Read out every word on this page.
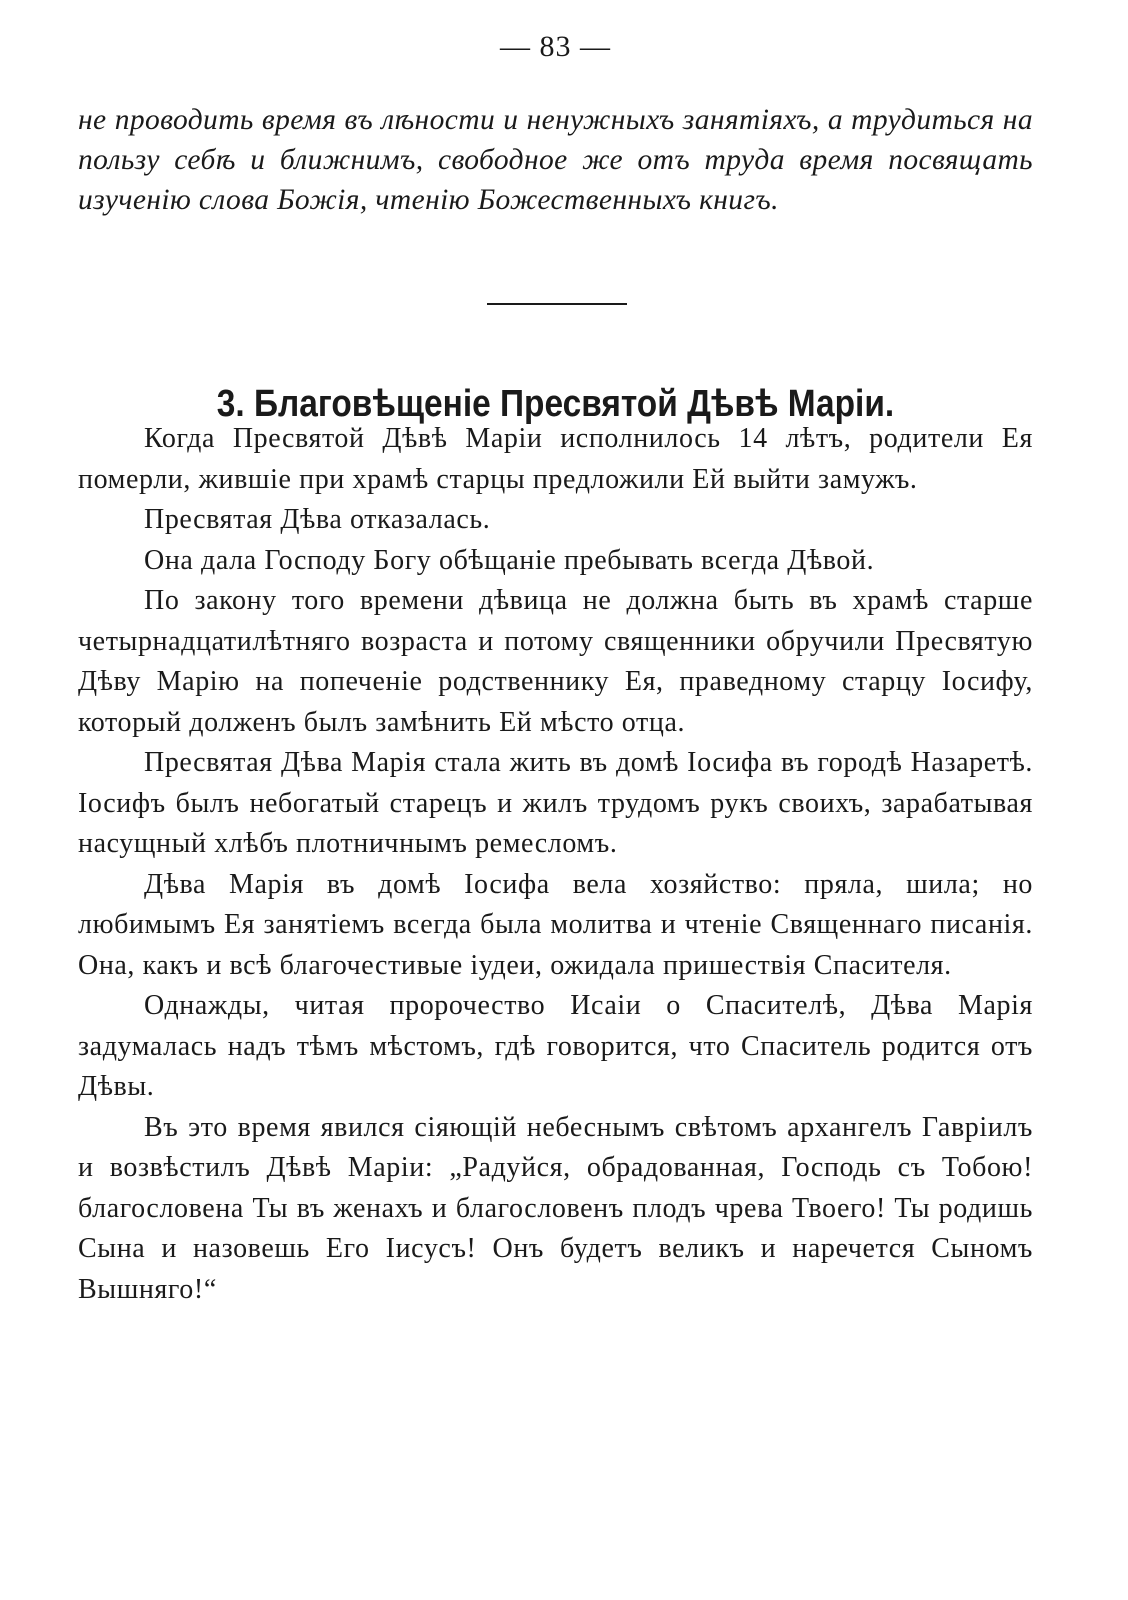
— 83 —

не проводить время въ лѣности и ненужныхъ занятіяхъ, а трудиться на пользу себѣ и ближнимъ, свободное же отъ труда время посвящать изученію слова Божія, чтенію Божественныхъ книгъ.

3. Благовѣщеніе Пресвятой Дѣвѣ Маріи.

Когда Пресвятой Дѣвѣ Маріи исполнилось 14 лѣтъ, родители Ея померли, жившіе при храмѣ старцы предложили Ей выйти замужъ.

Пресвятая Дѣва отказалась.

Она дала Господу Богу обѣщаніе пребывать всегда Дѣвой.

По закону того времени дѣвица не должна быть въ храмѣ старше четырнадцатилѣтняго возраста и потому священники обручили Пресвятую Дѣву Марію на попеченіе родственнику Ея, праведному старцу Іосифу, который долженъ былъ замѣнить Ей мѣсто отца.

Пресвятая Дѣва Марія стала жить въ домѣ Іосифа въ городѣ Назаретѣ. Іосифъ былъ небогатый старецъ и жилъ трудомъ рукъ своихъ, зарабатывая насущный хлѣбъ плотничнымъ ремесломъ.

Дѣва Марія въ домѣ Іосифа вела хозяйство: пряла, шила; но любимымъ Ея занятіемъ всегда была молитва и чтеніе Священнаго писанія. Она, какъ и всѣ благочестивые іудеи, ожидала пришествія Спасителя.

Однажды, читая пророчество Исаіи о Спасителѣ, Дѣва Марія задумалась надъ тѣмъ мѣстомъ, гдѣ говорится, что Спаситель родится отъ Дѣвы.

Въ это время явился сіяющій небеснымъ свѣтомъ архангелъ Гавріилъ и возвѣстилъ Дѣвѣ Маріи: „Радуйся, обрадованная, Господь съ Тобою! благословена Ты въ женахъ и благословенъ плодъ чрева Твоего! Ты родишь Сына и назовешь Его Іисусъ! Онъ будетъ великъ и наречется Сыномъ Вышняго!“
